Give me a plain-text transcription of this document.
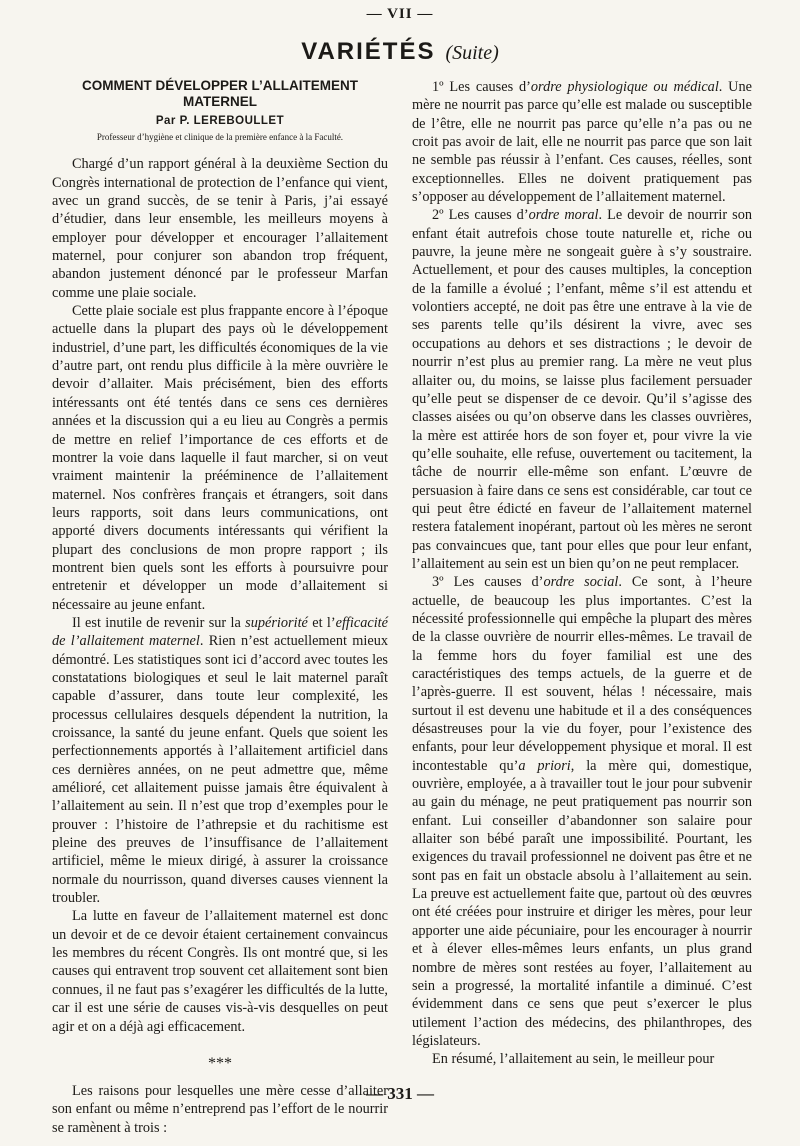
— VII —
VARIÉTÉS (Suite)
COMMENT DÉVELOPPER L’ALLAITEMENT
MATERNEL
Par P. LEREBOULLET
Professeur d’hygiène et clinique de la première enfance à la Faculté.

Chargé d’un rapport général à la deuxième Section du Congrès international de protection de l’enfance qui vient, avec un grand succès, de se tenir à Paris, j’ai essayé d’étudier, dans leur ensemble, les meilleurs moyens à employer pour développer et encourager l’allaitement maternel, pour conjurer son abandon trop fréquent, abandon justement dénoncé par le professeur Marfan comme une plaie sociale.

Cette plaie sociale est plus frappante encore à l’époque actuelle dans la plupart des pays où le développement industriel, d’une part, les difficultés économiques de la vie d’autre part, ont rendu plus difficile à la mère ouvrière le devoir d’allaiter. Mais précisément, bien des efforts intéressants ont été tentés dans ce sens ces dernières années et la discussion qui a eu lieu au Congrès a permis de mettre en relief l’importance de ces efforts et de montrer la voie dans laquelle il faut marcher, si on veut vraiment maintenir la prééminence de l’allaitement maternel. Nos confrères français et étrangers, soit dans leurs rapports, soit dans leurs communications, ont apporté divers documents intéressants qui vérifient la plupart des conclusions de mon propre rapport ; ils montrent bien quels sont les efforts à poursuivre pour entretenir et développer un mode d’allaitement si nécessaire au jeune enfant.

Il est inutile de revenir sur la supériorité et l’efficacité de l’allaitement maternel. Rien n’est actuellement mieux démontré. Les statistiques sont ici d’accord avec toutes les constatations biologiques et seul le lait maternel paraît capable d’assurer, dans toute leur complexité, les processus cellulaires desquels dépendent la nutrition, la croissance, la santé du jeune enfant. Quels que soient les perfectionnements apportés à l’allaitement artificiel dans ces dernières années, on ne peut admettre que, même amélioré, cet allaitement puisse jamais être équivalent à l’allaitement au sein. Il n’est que trop d’exemples pour le prouver : l’histoire de l’athrepsie et du rachitisme est pleine des preuves de l’insuffisance de l’allaitement artificiel, même le mieux dirigé, à assurer la croissance normale du nourrisson, quand diverses causes viennent la troubler.

La lutte en faveur de l’allaitement maternel est donc un devoir et de ce devoir étaient certainement convaincus les membres du récent Congrès. Ils ont montré que, si les causes qui entravent trop souvent cet allaitement sont bien connues, il ne faut pas s’exagérer les difficultés de la lutte, car il est une série de causes vis-à-vis desquelles on peut agir et on a déjà agi efficacement.

***

Les raisons pour lesquelles une mère cesse d’allaiter son enfant ou même n’entreprend pas l’effort de le nourrir se ramènent à trois :

1º Les causes d’ordre physiologique ou médical. Une mère ne nourrit pas parce qu’elle est malade ou susceptible de l’être, elle ne nourrit pas parce qu’elle n’a pas ou ne croit pas avoir de lait, elle ne nourrit pas parce que son lait ne semble pas réussir à l’enfant. Ces causes, réelles, sont exceptionnelles. Elles ne doivent pratiquement pas s’opposer au développement de l’allaitement maternel.

2º Les causes d’ordre moral. Le devoir de nourrir son enfant était autrefois chose toute naturelle et, riche ou pauvre, la jeune mère ne songeait guère à s’y soustraire. Actuellement, et pour des causes multiples, la conception de la famille a évolué ; l’enfant, même s’il est attendu et volontiers accepté, ne doit pas être une entrave à la vie de ses parents telle qu’ils désirent la vivre, avec ses occupations au dehors et ses distractions ; le devoir de nourrir n’est plus au premier rang. La mère ne veut plus allaiter ou, du moins, se laisse plus facilement persuader qu’elle peut se dispenser de ce devoir. Qu’il s’agisse des classes aisées ou qu’on observe dans les classes ouvrières, la mère est attirée hors de son foyer et, pour vivre la vie qu’elle souhaite, elle refuse, ouvertement ou tacitement, la tâche de nourrir elle-même son enfant. L’œuvre de persuasion à faire dans ce sens est considérable, car tout ce qui peut être édicté en faveur de l’allaitement maternel restera fatalement inopérant, partout où les mères ne seront pas convaincues que, tant pour elles que pour leur enfant, l’allaitement au sein est un bien qu’on ne peut remplacer.

3º Les causes d’ordre social. Ce sont, à l’heure actuelle, de beaucoup les plus importantes. C’est la nécessité professionnelle qui empêche la plupart des mères de la classe ouvrière de nourrir elles-mêmes. Le travail de la femme hors du foyer familial est une des caractéristiques des temps actuels, de la guerre et de l’après-guerre. Il est souvent, hélas ! nécessaire, mais surtout il est devenu une habitude et il a des conséquences désastreuses pour la vie du foyer, pour l’existence des enfants, pour leur développement physique et moral. Il est incontestable qu’a priori, la mère qui, domestique, ouvrière, employée, a à travailler tout le jour pour subvenir au gain du ménage, ne peut pratiquement pas nourrir son enfant. Lui conseiller d’abandonner son salaire pour allaiter son bébé paraît une impossibilité. Pourtant, les exigences du travail professionnel ne doivent pas être et ne sont pas en fait un obstacle absolu à l’allaitement au sein. La preuve est actuellement faite que, partout où des œuvres ont été créées pour instruire et diriger les mères, pour leur apporter une aide pécuniaire, pour les encourager à nourrir et à élever elles-mêmes leurs enfants, un plus grand nombre de mères sont restées au foyer, l’allaitement au sein a progressé, la mortalité infantile a diminué. C’est évidemment dans ce sens que peut s’exercer le plus utilement l’action des médecins, des philanthropes, des législateurs.

En résumé, l’allaitement au sein, le meilleur pour

— 331 —
